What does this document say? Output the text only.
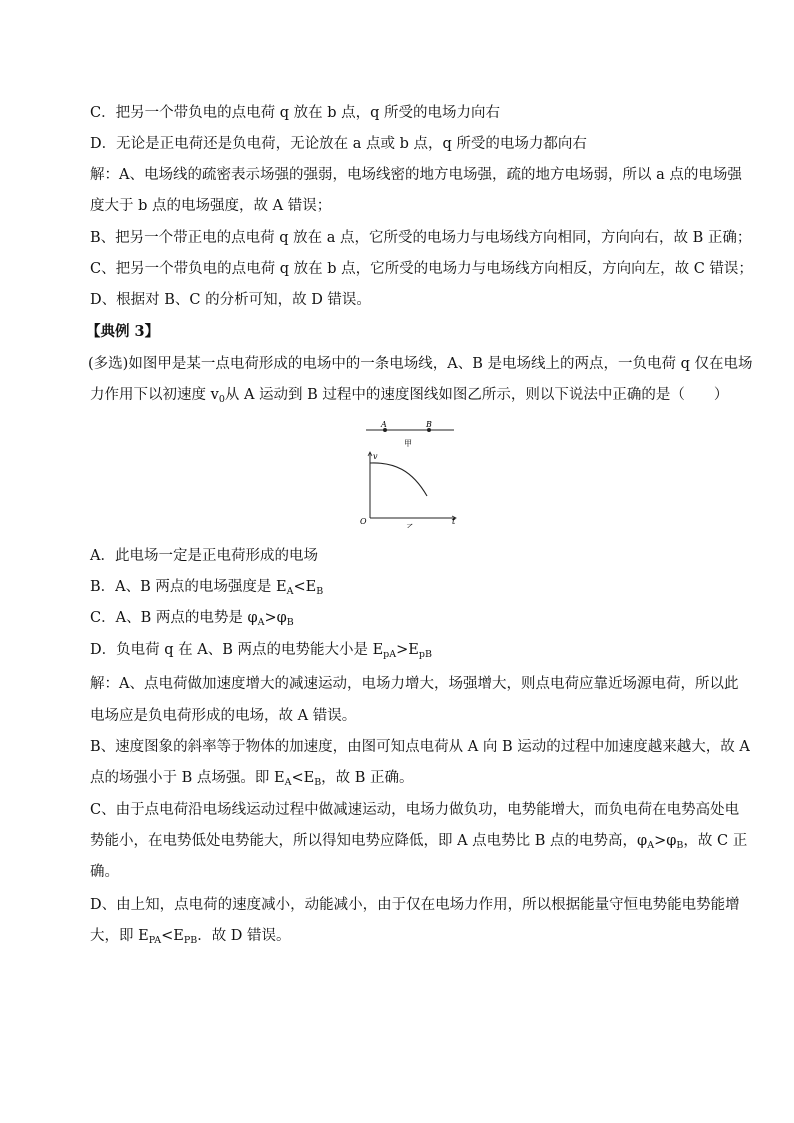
C．把另一个带负电的点电荷 q 放在 b 点，q 所受的电场力向右
D．无论是正电荷还是负电荷，无论放在 a 点或 b 点，q 所受的电场力都向右
解：A、电场线的疏密表示场强的强弱，电场线密的地方电场强，疏的地方电场弱，所以 a 点的电场强
度大于 b 点的电场强度，故 A 错误；
B、把另一个带正电的点电荷 q 放在 a 点，它所受的电场力与电场线方向相同，方向向右，故 B 正确；
C、把另一个带负电的点电荷 q 放在 b 点，它所受的电场力与电场线方向相反，方向向左，故 C 错误；
D、根据对 B、C 的分析可知，故 D 错误。
【典例 3】
(多选)如图甲是某一点电荷形成的电场中的一条电场线，A、B 是电场线上的两点，一负电荷 q 仅在电场
力作用下以初速度 $v_0$从 A 运动到 B 过程中的速度图线如图乙所示，则以下说法中正确的是（　　）
A	B
甲
v
O	t
乙
A．此电场一定是正电荷形成的电场
B．A、B 两点的电场强度是 $E_A<E_B$
C．A、B 两点的电势是 $\varphi_A>\varphi_B$
D．负电荷 q 在 A、B 两点的电势能大小是 $E_{pA}>E_{pB}$
解：A、点电荷做加速度增大的减速运动，电场力增大，场强增大，则点电荷应靠近场源电荷，所以此
电场应是负电荷形成的电场，故 A 错误。
B、速度图象的斜率等于物体的加速度，由图可知点电荷从 A 向 B 运动的过程中加速度越来越大，故 A
点的场强小于 B 点场强。即 $E_A<E_B$，故 B 正确。
C、由于点电荷沿电场线运动过程中做减速运动，电场力做负功，电势能增大，而负电荷在电势高处电
势能小，在电势低处电势能大，所以得知电势应降低，即 A 点电势比 B 点的电势高，$\varphi_A>\varphi_B$，故 C 正
确。
D、由上知，点电荷的速度减小，动能减小，由于仅在电场力作用，所以根据能量守恒电势能电势能增
大，即 $E_{PA}<E_{PB}$．故 D 错误。
